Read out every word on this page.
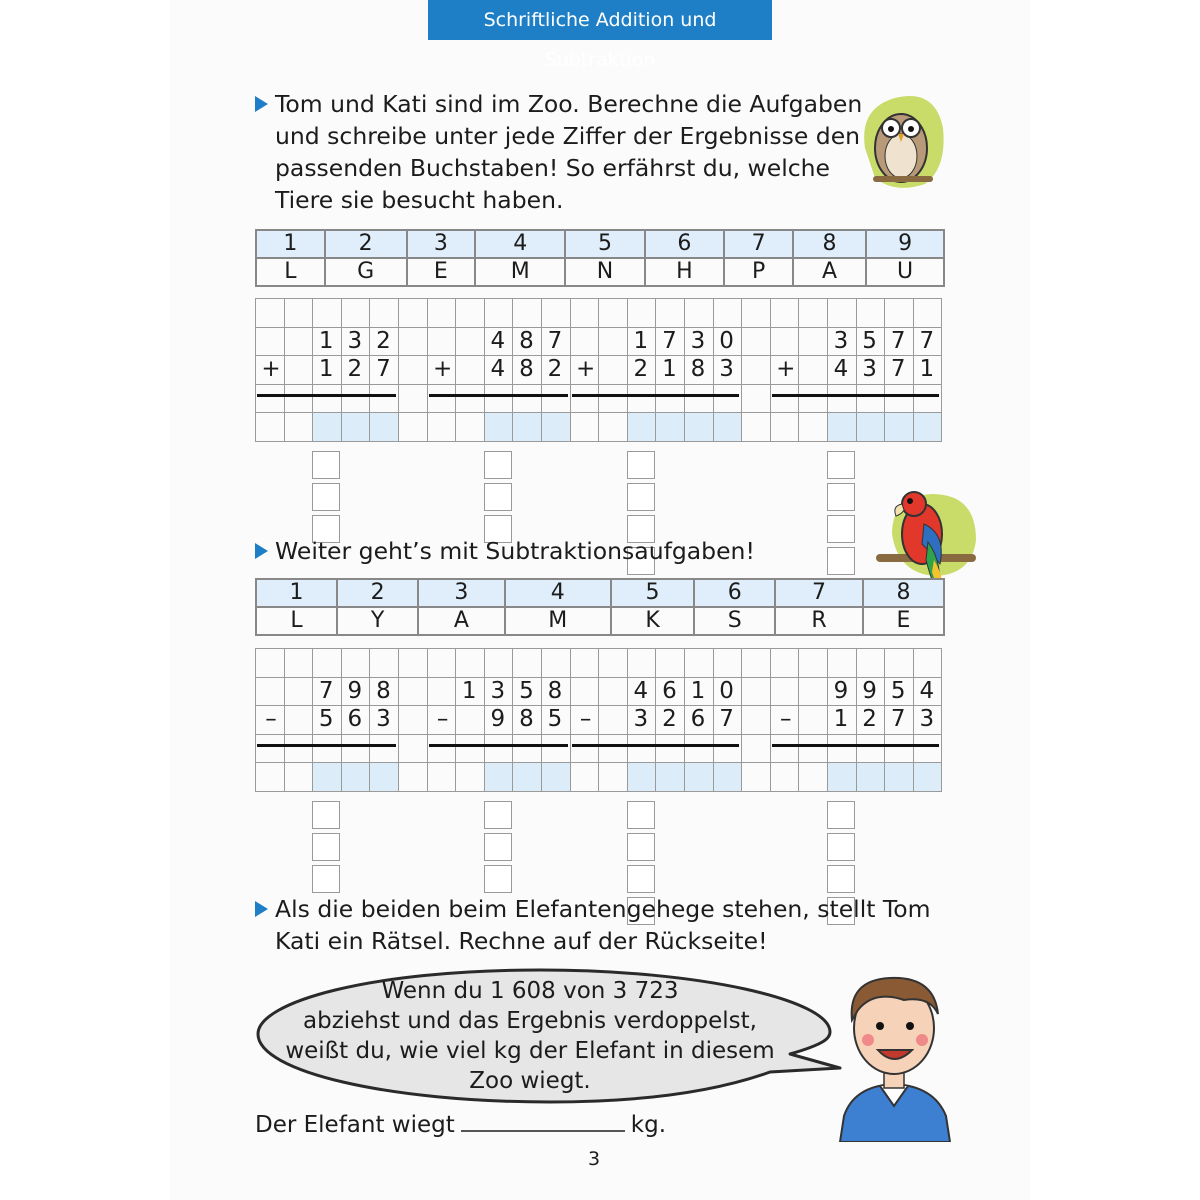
Schriftliche Addition und Subtraktion
Tom und Kati sind im Zoo. Berechne die Aufgaben
und schreibe unter jede Ziffer der Ergebnisse den
passenden Buchstaben! So erfährst du, welche
Tiere sie besucht haben.
1	2	3	4	5	6	7	8	9
L	G	E	M	N	H	P	A	U
1 3 2
1 2 7
+
4 8 7
4 8 2
+
1 7 3 0
2 1 8 3
+
3 5 7 7
4 3 7 1
+
Weiter geht’s mit Subtraktionsaufgaben!
1	2	3	4	5	6	7	8
L	Y	A	M	K	S	R	E
7 9 8
5 6 3
–
1 3 5 8
9 8 5
–
4 6 1 0
3 2 6 7
–
9 9 5 4
1 2 7 3
–
Als die beiden beim Elefantengehege stehen, stellt Tom
Kati ein Rätsel. Rechne auf der Rückseite!
Wenn du 1 608 von 3 723
abziehst und das Ergebnis verdoppelst,
weißt du, wie viel kg der Elefant in diesem
Zoo wiegt.
Der Elefant wiegt	kg.
3
